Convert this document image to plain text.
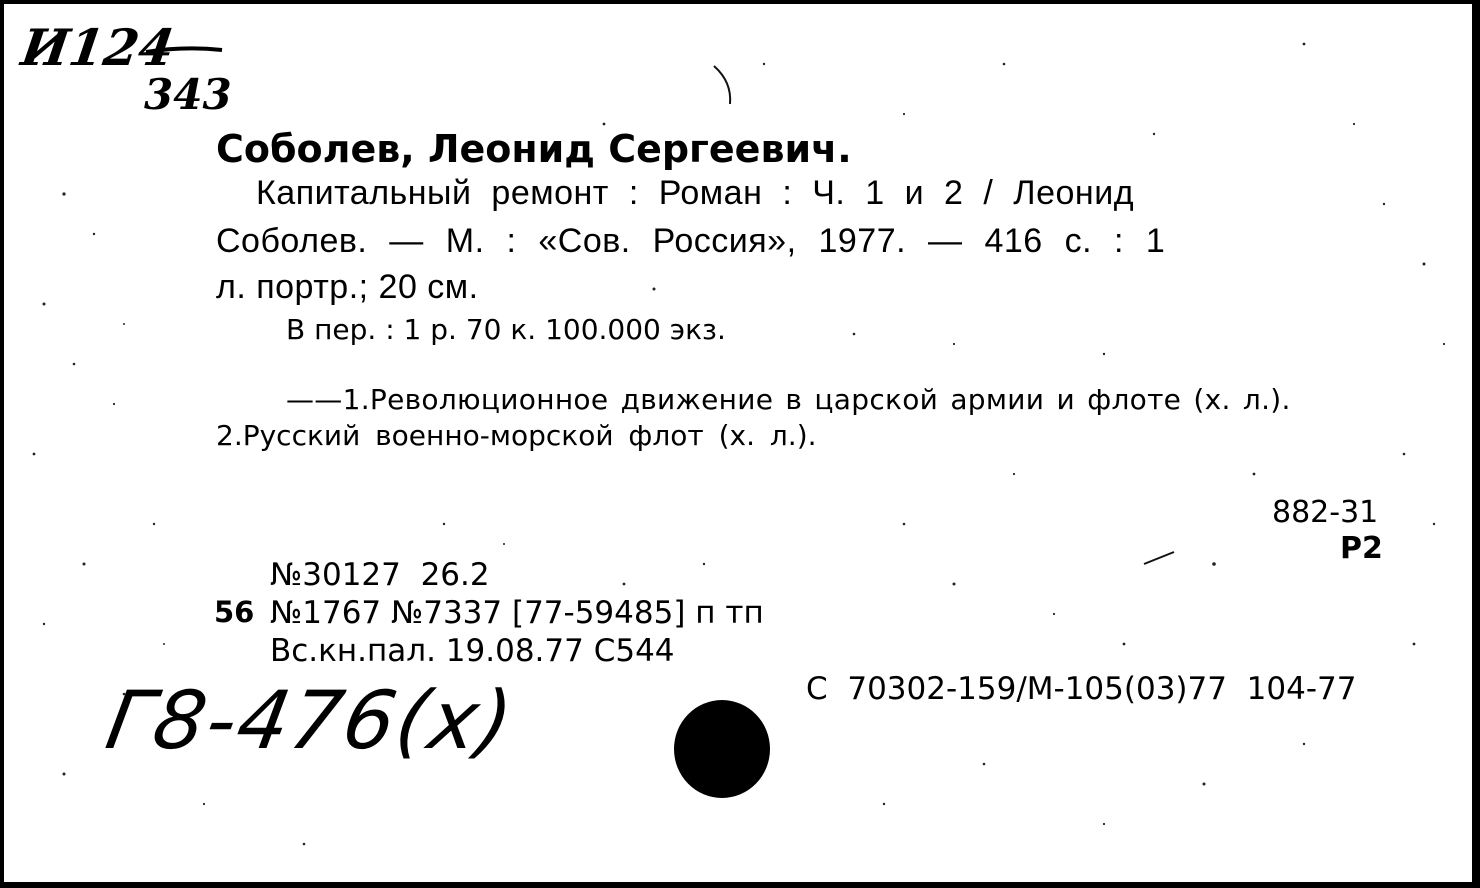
И124
343
Соболев, Леонид Сергеевич.
Капитальный ремонт : Роман : Ч. 1 и 2 / Леонид
Соболев. — М. : «Сов. Россия», 1977. — 416 с. : 1
л. портр.; 20 см.
В пер. : 1 р. 70 к. 100.000 экз.
——1.Революционное движение в царской армии и флоте (х. л.).
2.Русский военно-морской флот (х. л.).
882-31
Р2
№30127  26.2
56 №1767 №7337 [77-59485] п тп
Вс.кн.пал. 19.08.77 С544
С  70302-159/М-105(03)77  104-77
Г8-476(х)
